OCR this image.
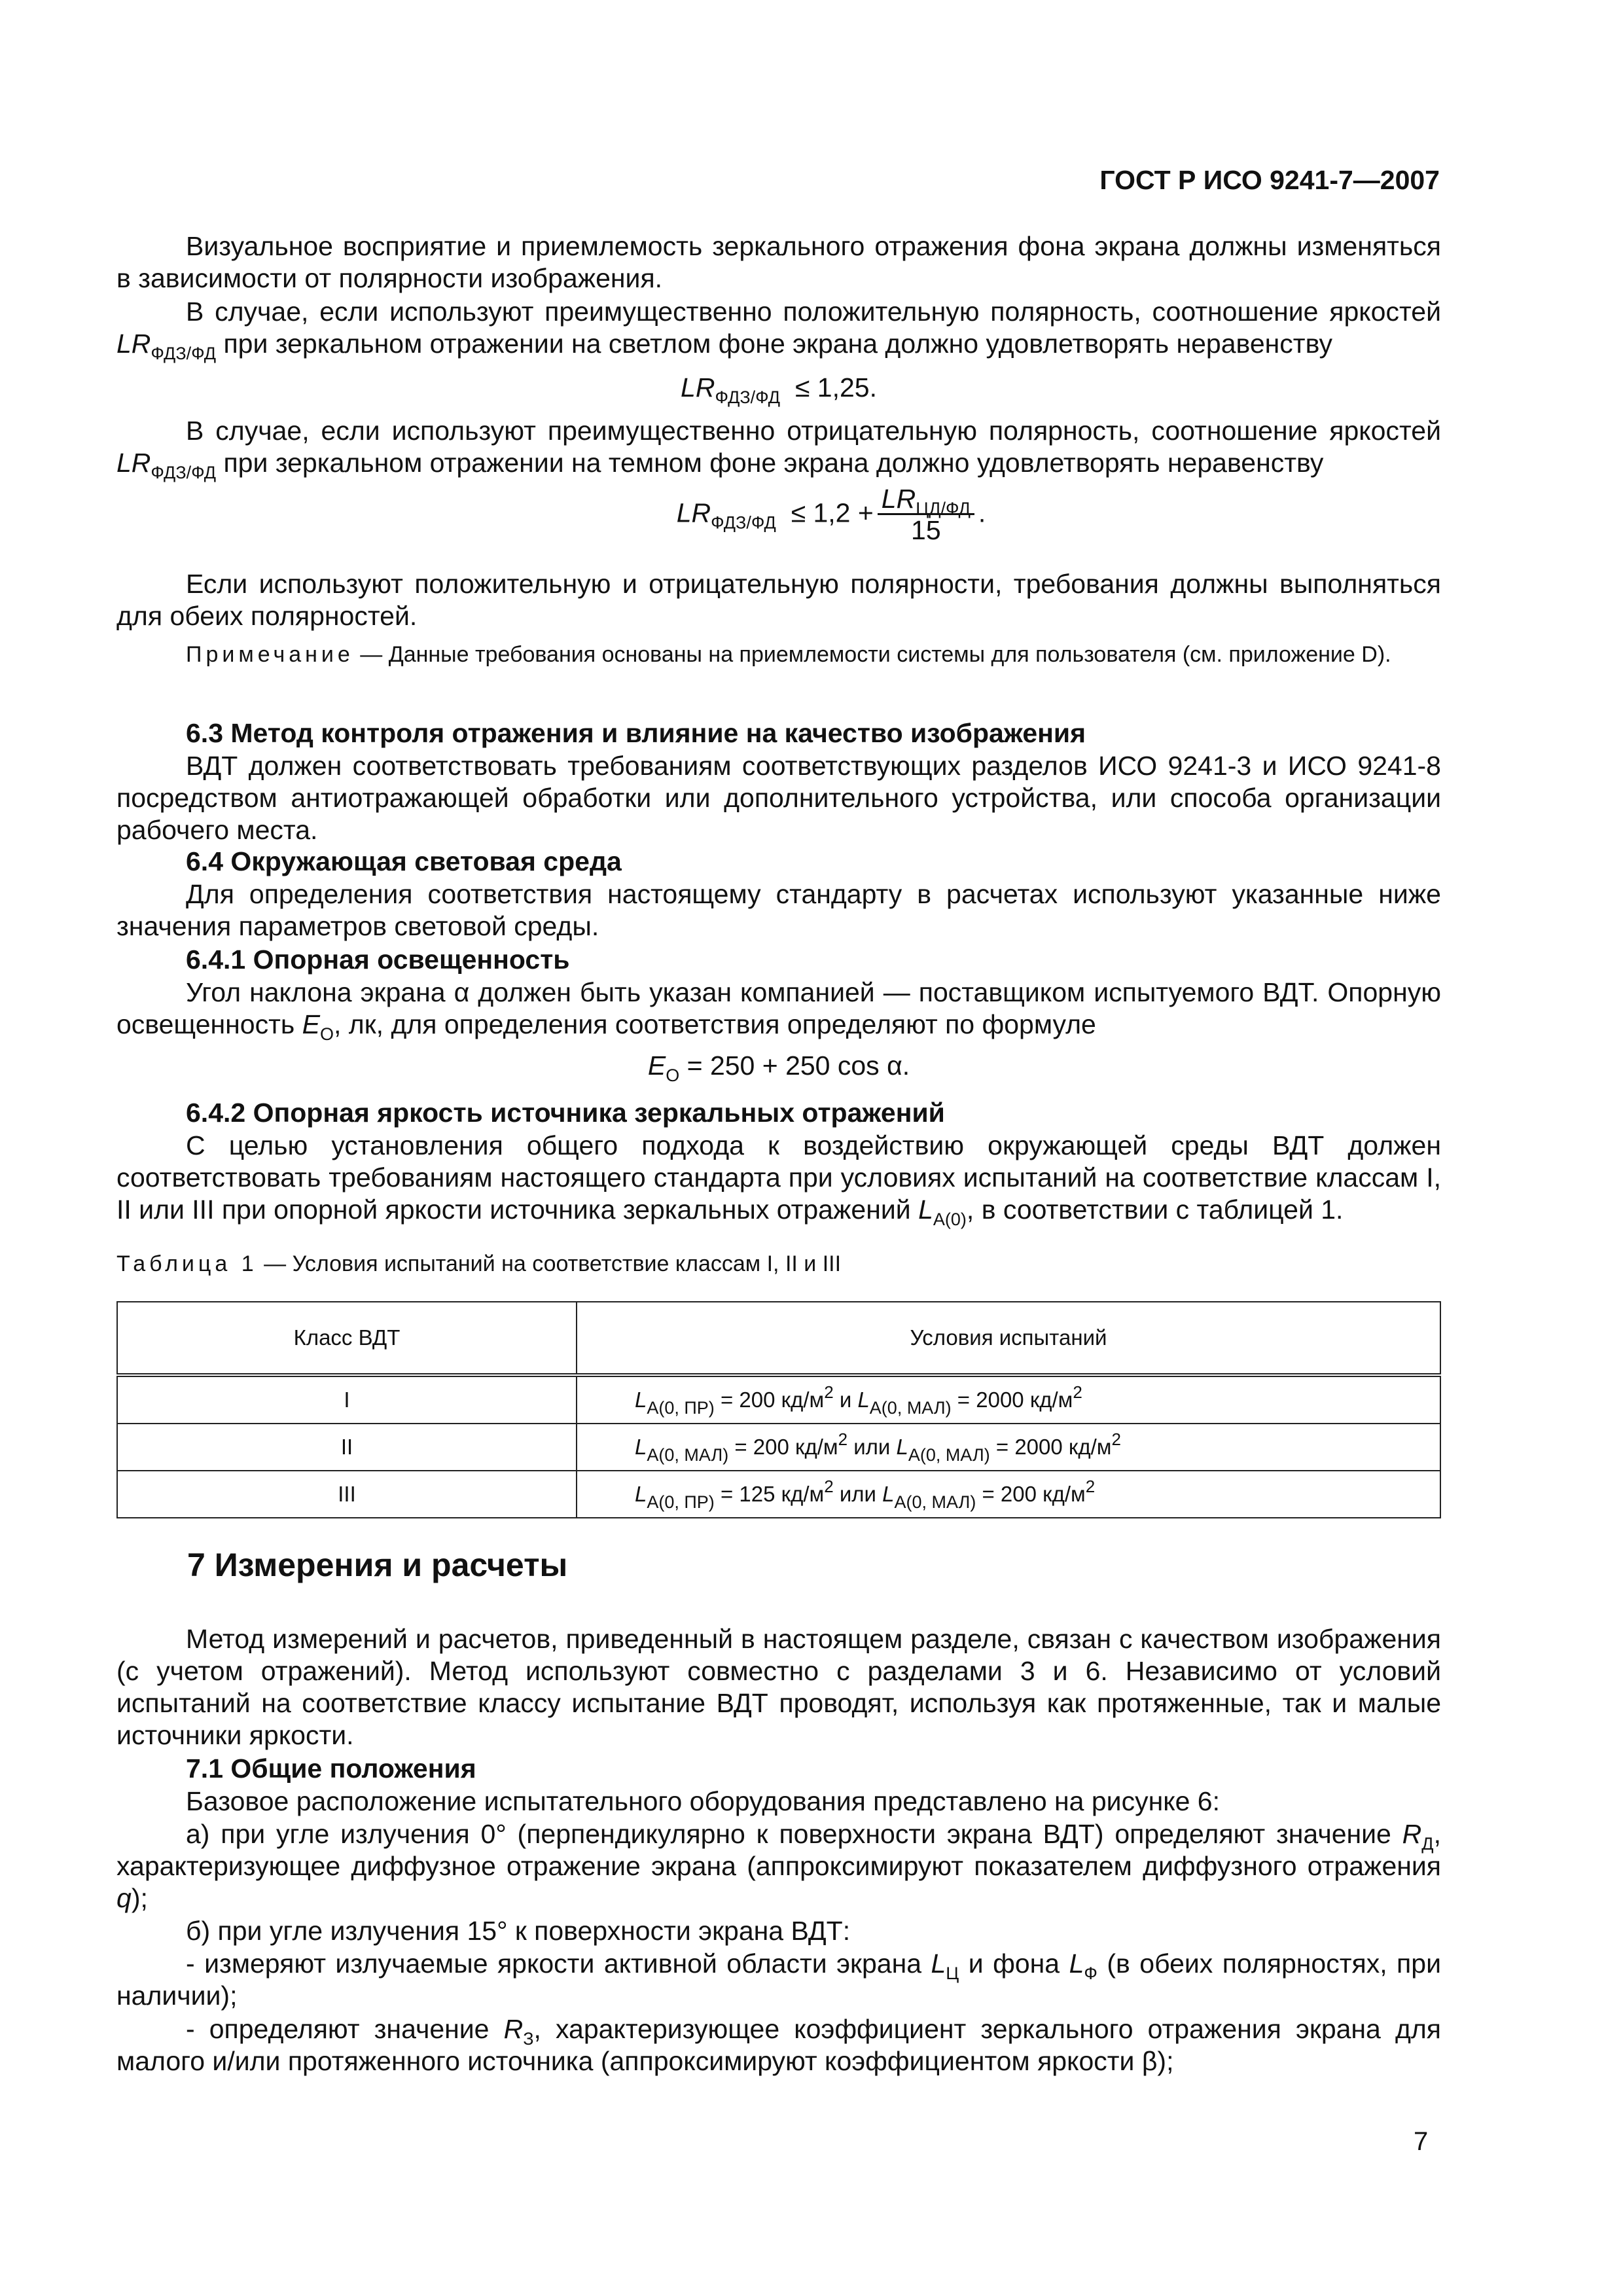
ГОСТ Р ИСО 9241-7—2007
Визуальное восприятие и приемлемость зеркального отражения фона экрана должны изменяться в зависимости от полярности изображения.
В случае, если используют преимущественно положительную полярность, соотношение яркостей $LR_{ФДЗ/ФД}$ при зеркальном отражении на светлом фоне экрана должно удовлетворять неравенству
$LR_{ФДЗ/ФД} \le 1,25$.
В случае, если используют преимущественно отрицательную полярность, соотношение яркостей $LR_{ФДЗ/ФД}$ при зеркальном отражении на темном фоне экрана должно удовлетворять неравенству
$LR_{ФДЗ/ФД} \le 1,2 + \frac{LR_{ЦД/ФД}}{15}$ .
Если используют положительную и отрицательную полярности, требования должны выполняться для обеих полярностей.
Примечание — Данные требования основаны на приемлемости системы для пользователя (см. приложение D).
6.3 Метод контроля отражения и влияние на качество изображения
ВДТ должен соответствовать требованиям соответствующих разделов ИСО 9241-3 и ИСО 9241-8 посредством антиотражающей обработки или дополнительного устройства, или способа организации рабочего места.
6.4 Окружающая световая среда
Для определения соответствия настоящему стандарту в расчетах используют указанные ниже значения параметров световой среды.
6.4.1 Опорная освещенность
Угол наклона экрана α должен быть указан компанией — поставщиком испытуемого ВДТ. Опорную освещенность $E_O$, лк, для определения соответствия определяют по формуле
$E_O = 250 + 250$ cos α.
6.4.2 Опорная яркость источника зеркальных отражений
С целью установления общего подхода к воздействию окружающей среды ВДТ должен соответствовать требованиям настоящего стандарта при условиях испытаний на соответствие классам I, II или III при опорной яркости источника зеркальных отражений $L_{A(0)}$, в соответствии с таблицей 1.
Таблица 1 — Условия испытаний на соответствие классам I, II и III
Класс ВДТ	Условия испытаний
I	$L_{A(0, ПР)} = 200$ $кд/м^2$ и $L_{A(0, МАЛ)} = 2000$ $кд/м^2$
II	$L_{A(0, МАЛ)} = 200$ $кд/м^2$ или $L_{A(0, МАЛ)} = 2000$ $кд/м^2$
III	$L_{A(0, ПР)} = 125$ $кд/м^2$ или $L_{A(0, МАЛ)} = 200$ $кд/м^2$
7 Измерения и расчеты
Метод измерений и расчетов, приведенный в настоящем разделе, связан с качеством изображения (с учетом отражений). Метод используют совместно с разделами 3 и 6. Независимо от условий испытаний на соответствие классу испытание ВДТ проводят, используя как протяженные, так и малые источники яркости.
7.1 Общие положения
Базовое расположение испытательного оборудования представлено на рисунке 6:
а) при угле излучения 0° (перпендикулярно к поверхности экрана ВДТ) определяют значение $R_Д$, характеризующее диффузное отражение экрана (аппроксимируют показателем диффузного отражения q);
б) при угле излучения 15° к поверхности экрана ВДТ:
- измеряют излучаемые яркости активной области экрана $L_Ц$ и фона $L_Ф$ (в обеих полярностях, при наличии);
- определяют значение $R_З$, характеризующее коэффициент зеркального отражения экрана для малого и/или протяженного источника (аппроксимируют коэффициентом яркости β);
7
